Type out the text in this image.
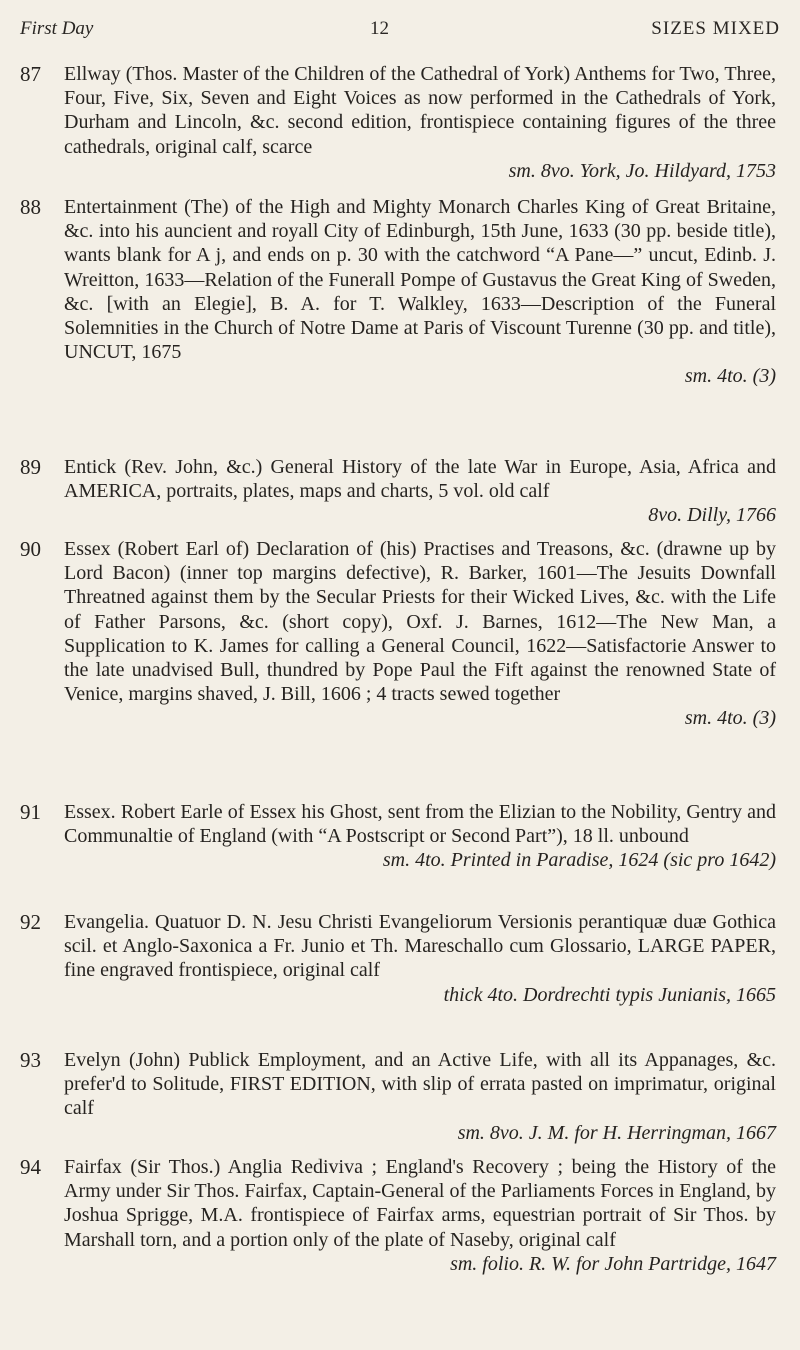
First Day	12	SIZES MIXED
87 Ellway (Thos. Master of the Children of the Cathedral of York) Anthems for Two, Three, Four, Five, Six, Seven and Eight Voices as now performed in the Cathedrals of York, Durham and Lincoln, &c. second edition, frontispiece containing figures of the three cathedrals, original calf, scarce
sm. 8vo. York, Jo. Hildyard, 1753
88 Entertainment (The) of the High and Mighty Monarch Charles King of Great Britaine, &c. into his auncient and royall City of Edinburgh, 15th June, 1633 (30 pp. beside title), wants blank for A j, and ends on p. 30 with the catchword “A Pane—” uncut, Edinb. J. Wreitton, 1633—Relation of the Funerall Pompe of Gustavus the Great King of Sweden, &c. [with an Elegie], B. A. for T. Walkley, 1633—Description of the Funeral Solemnities in the Church of Notre Dame at Paris of Viscount Turenne (30 pp. and title), UNCUT, 1675
sm. 4to. (3)
89 Entick (Rev. John, &c.) General History of the late War in Europe, Asia, Africa and AMERICA, portraits, plates, maps and charts, 5 vol. old calf
8vo. Dilly, 1766
90 Essex (Robert Earl of) Declaration of (his) Practises and Treasons, &c. (drawne up by Lord Bacon) (inner top margins defective), R. Barker, 1601—The Jesuits Downfall Threatned against them by the Secular Priests for their Wicked Lives, &c. with the Life of Father Parsons, &c. (short copy), Oxf. J. Barnes, 1612—The New Man, a Supplication to K. James for calling a General Council, 1622—Satisfactorie Answer to the late unadvised Bull, thundred by Pope Paul the Fift against the renowned State of Venice, margins shaved, J. Bill, 1606 ; 4 tracts sewed together
sm. 4to. (3)
91 Essex. Robert Earle of Essex his Ghost, sent from the Elizian to the Nobility, Gentry and Communaltie of England (with “A Postscript or Second Part”), 18 ll. unbound
sm. 4to. Printed in Paradise, 1624 (sic pro 1642)
92 Evangelia. Quatuor D. N. Jesu Christi Evangeliorum Versionis perantiquæ duæ Gothica scil. et Anglo-Saxonica a Fr. Junio et Th. Mareschallo cum Glossario, LARGE PAPER, fine engraved frontispiece, original calf
thick 4to. Dordrechti typis Junianis, 1665
93 Evelyn (John) Publick Employment, and an Active Life, with all its Appanages, &c. prefer'd to Solitude, FIRST EDITION, with slip of errata pasted on imprimatur, original calf
sm. 8vo. J. M. for H. Herringman, 1667
94 Fairfax (Sir Thos.) Anglia Rediviva ; England's Recovery ; being the History of the Army under Sir Thos. Fairfax, Captain-General of the Parliaments Forces in England, by Joshua Sprigge, M.A. frontispiece of Fairfax arms, equestrian portrait of Sir Thos. by Marshall torn, and a portion only of the plate of Naseby, original calf
sm. folio. R. W. for John Partridge, 1647
